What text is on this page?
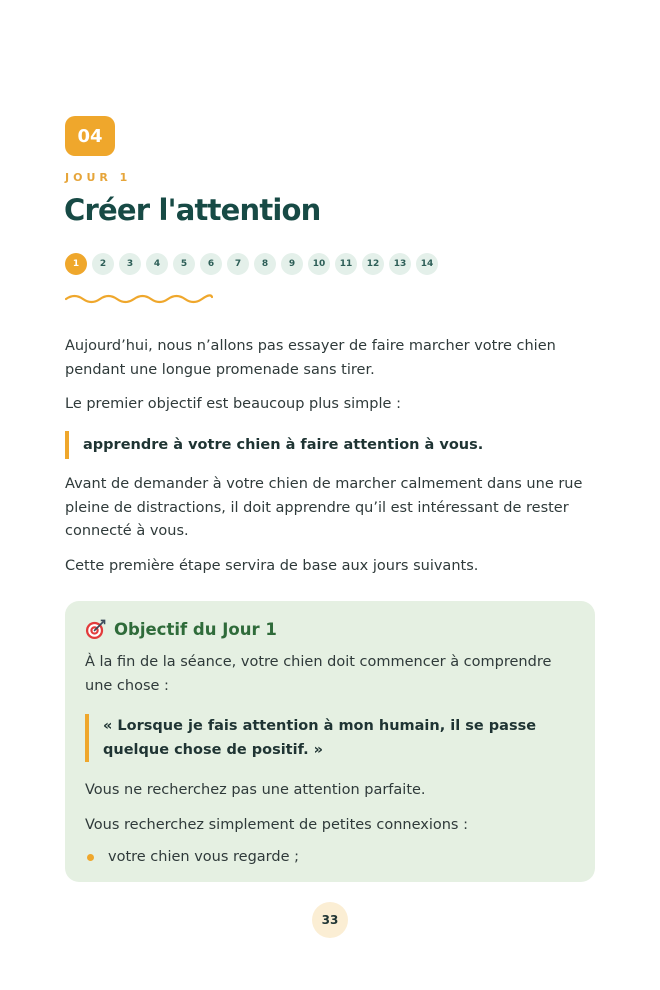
04
JOUR 1
Créer l'attention
1	2	3	4	5	6	7	8	9	10	11	12	13	14

Aujourd’hui, nous n’allons pas essayer de faire marcher votre chien pendant une longue promenade sans tirer.

Le premier objectif est beaucoup plus simple :

apprendre à votre chien à faire attention à vous.

Avant de demander à votre chien de marcher calmement dans une rue pleine de distractions, il doit apprendre qu’il est intéressant de rester connecté à vous.

Cette première étape servira de base aux jours suivants.

Objectif du Jour 1

À la fin de la séance, votre chien doit commencer à comprendre une chose :

« Lorsque je fais attention à mon humain, il se passe quelque chose de positif. »

Vous ne recherchez pas une attention parfaite.

Vous recherchez simplement de petites connexions :

votre chien vous regarde ;
33
